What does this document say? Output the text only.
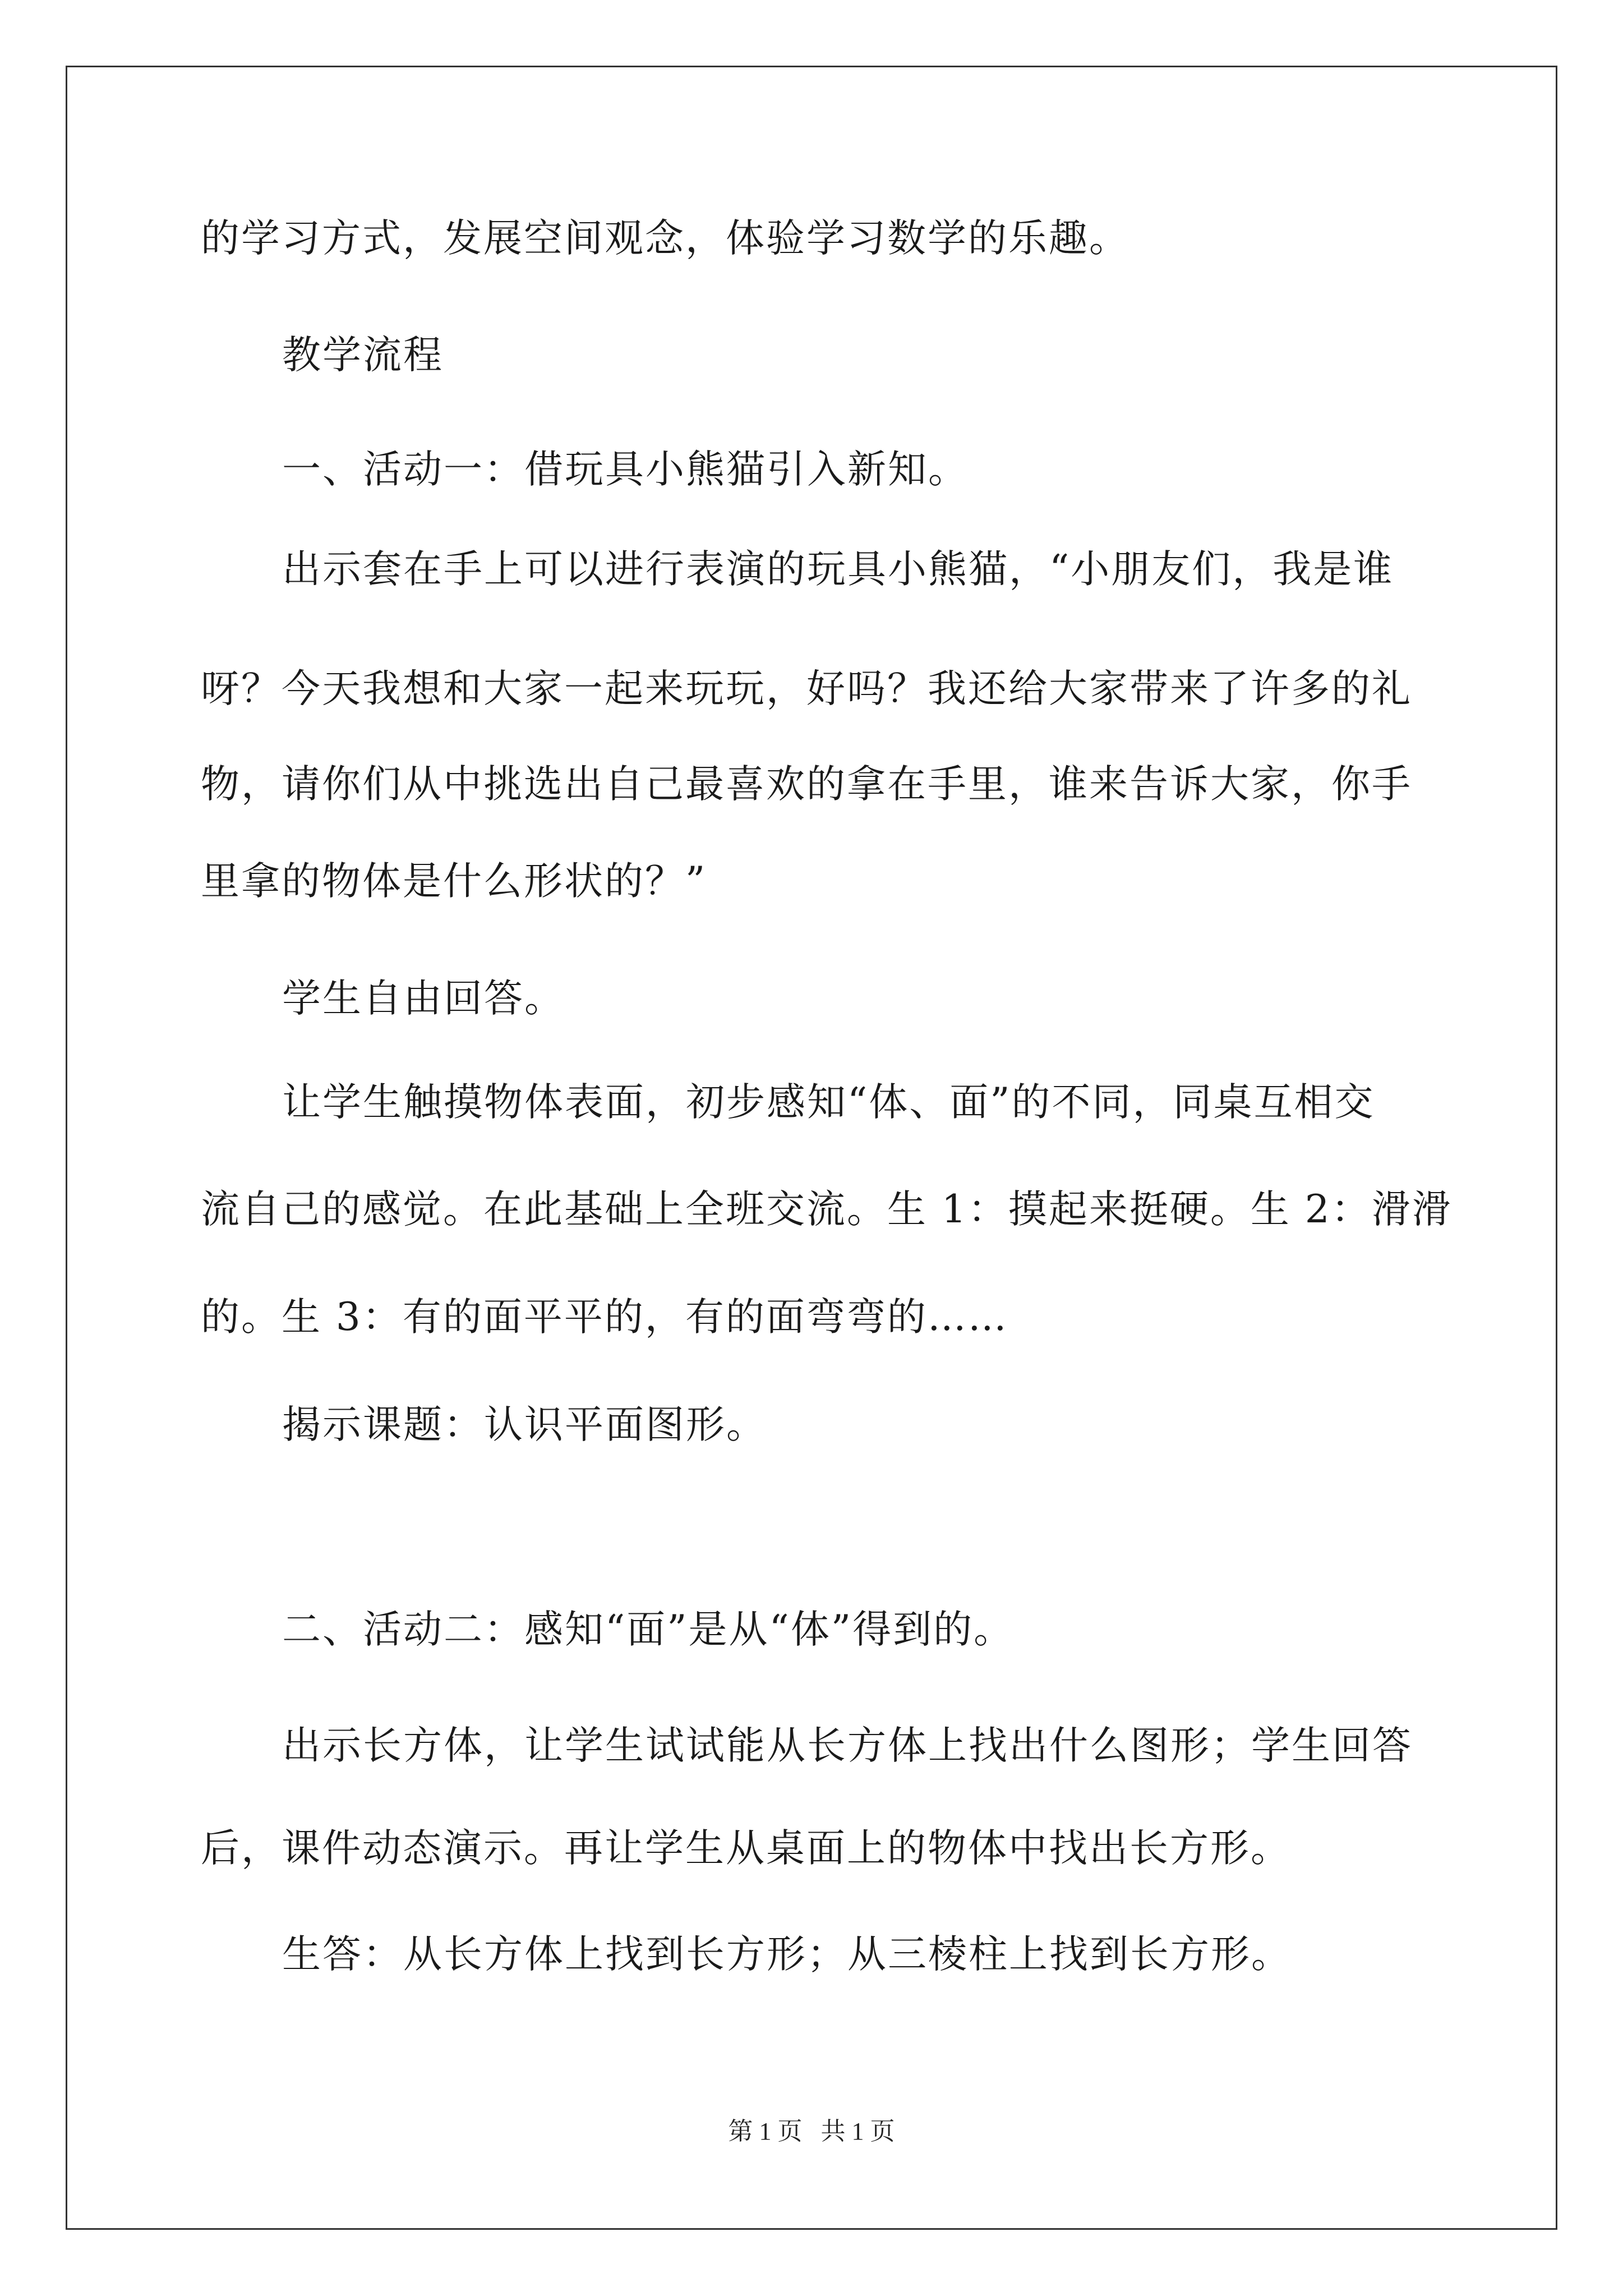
的学习方式，发展空间观念，体验学习数学的乐趣。
教学流程
一、活动一：借玩具小熊猫引入新知。
出示套在手上可以进行表演的玩具小熊猫，“小朋友们，我是谁
呀？今天我想和大家一起来玩玩，好吗？我还给大家带来了许多的礼
物，请你们从中挑选出自己最喜欢的拿在手里，谁来告诉大家，你手
里拿的物体是什么形状的？”
学生自由回答。
让学生触摸物体表面，初步感知“体、面”的不同，同桌互相交
流自己的感觉。在此基础上全班交流。生 1：摸起来挺硬。生 2：滑滑
的。生 3：有的面平平的，有的面弯弯的……
揭示课题：认识平面图形。
二、活动二：感知“面”是从“体”得到的。
出示长方体，让学生试试能从长方体上找出什么图形；学生回答
后，课件动态演示。再让学生从桌面上的物体中找出长方形。
生答：从长方体上找到长方形；从三棱柱上找到长方形。
第 1 页   共 1 页
